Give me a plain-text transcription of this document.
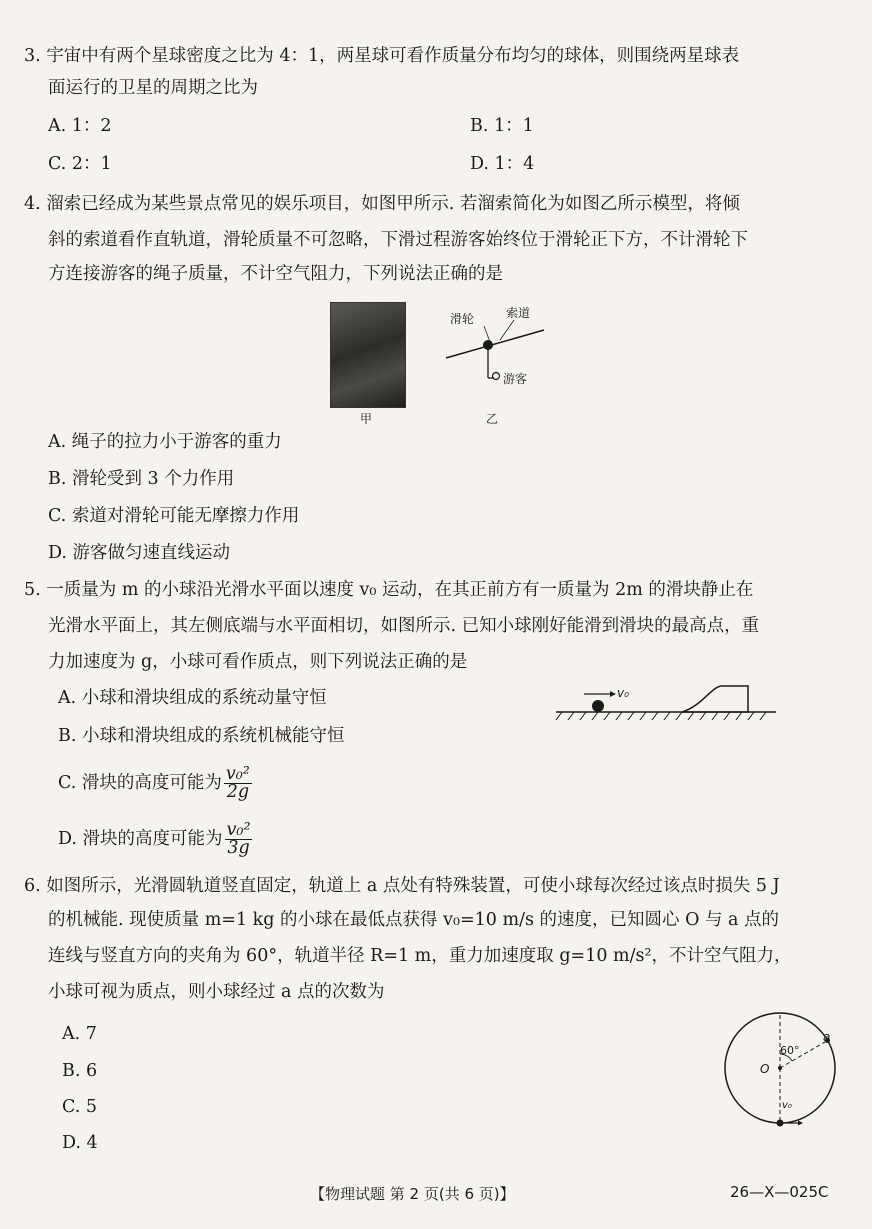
3. 宇宙中有两个星球密度之比为 4：1，两星球可看作质量分布均匀的球体，则围绕两星球表
面运行的卫星的周期之比为
A. 1：2	B. 1：1
C. 2：1	D. 1：4
4. 溜索已经成为某些景点常见的娱乐项目，如图甲所示. 若溜索简化为如图乙所示模型，将倾
斜的索道看作直轨道，滑轮质量不可忽略，下滑过程游客始终位于滑轮正下方，不计滑轮下
方连接游客的绳子质量，不计空气阻力，下列说法正确的是
甲
滑轮	索道
游客
乙
A. 绳子的拉力小于游客的重力
B. 滑轮受到 3 个力作用
C. 索道对滑轮可能无摩擦力作用
D. 游客做匀速直线运动
5. 一质量为 m 的小球沿光滑水平面以速度 v₀ 运动，在其正前方有一质量为 2m 的滑块静止在
光滑水平面上，其左侧底端与水平面相切，如图所示. 已知小球刚好能滑到滑块的最高点，重
力加速度为 g，小球可看作质点，则下列说法正确的是
v₀
A. 小球和滑块组成的系统动量守恒
B. 小球和滑块组成的系统机械能守恒
C. 滑块的高度可能为 $\frac{\text{v₀²}}{2g}$
D. 滑块的高度可能为 $\frac{\text{v₀²}}{3g}$
6. 如图所示，光滑圆轨道竖直固定，轨道上 a 点处有特殊装置，可使小球每次经过该点时损失 5 J
的机械能. 现使质量 m=1 kg 的小球在最低点获得 v₀=10 m/s 的速度，已知圆心 O 与 a 点的
连线与竖直方向的夹角为 60°，轨道半径 R=1 m，重力加速度取 g=10 m/s²，不计空气阻力，
小球可视为质点，则小球经过 a 点的次数为
A. 7
B. 6
C. 5
D. 4
60°
O
a
v₀
【物理试题 第 2 页(共 6 页)】	26—X—025C
